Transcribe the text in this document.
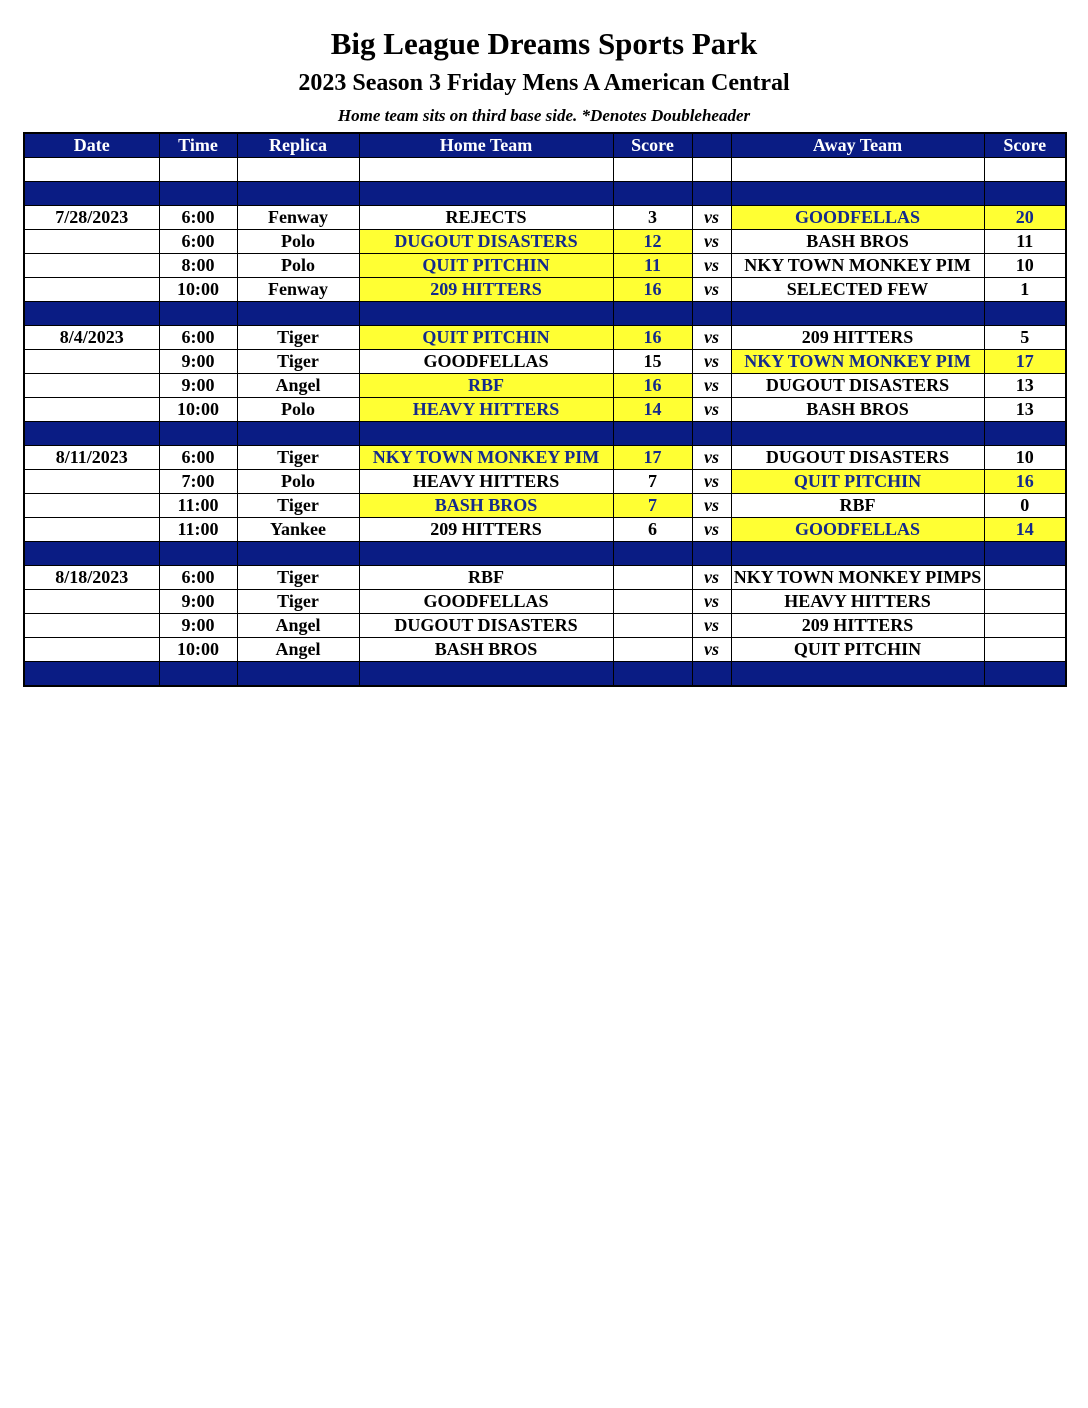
Big League Dreams Sports Park
2023 Season 3 Friday Mens A American Central

Home team sits on third base side. *Denotes Doubleheader

Date	Time	Replica	Home Team	Score		Away Team	Score

7/28/2023	6:00	Fenway	REJECTS	3	vs	GOODFELLAS	20
	6:00	Polo	DUGOUT DISASTERS	12	vs	BASH BROS	11
	8:00	Polo	QUIT PITCHIN	11	vs	NKY TOWN MONKEY PIM	10
	10:00	Fenway	209 HITTERS	16	vs	SELECTED FEW	1

8/4/2023	6:00	Tiger	QUIT PITCHIN	16	vs	209 HITTERS	5
	9:00	Tiger	GOODFELLAS	15	vs	NKY TOWN MONKEY PIM	17
	9:00	Angel	RBF	16	vs	DUGOUT DISASTERS	13
	10:00	Polo	HEAVY HITTERS	14	vs	BASH BROS	13

8/11/2023	6:00	Tiger	NKY TOWN MONKEY PIM	17	vs	DUGOUT DISASTERS	10
	7:00	Polo	HEAVY HITTERS	7	vs	QUIT PITCHIN	16
	11:00	Tiger	BASH BROS	7	vs	RBF	0
	11:00	Yankee	209 HITTERS	6	vs	GOODFELLAS	14

8/18/2023	6:00	Tiger	RBF		vs	NKY TOWN MONKEY PIMPS	
	9:00	Tiger	GOODFELLAS		vs	HEAVY HITTERS	
	9:00	Angel	DUGOUT DISASTERS		vs	209 HITTERS	
	10:00	Angel	BASH BROS		vs	QUIT PITCHIN	
